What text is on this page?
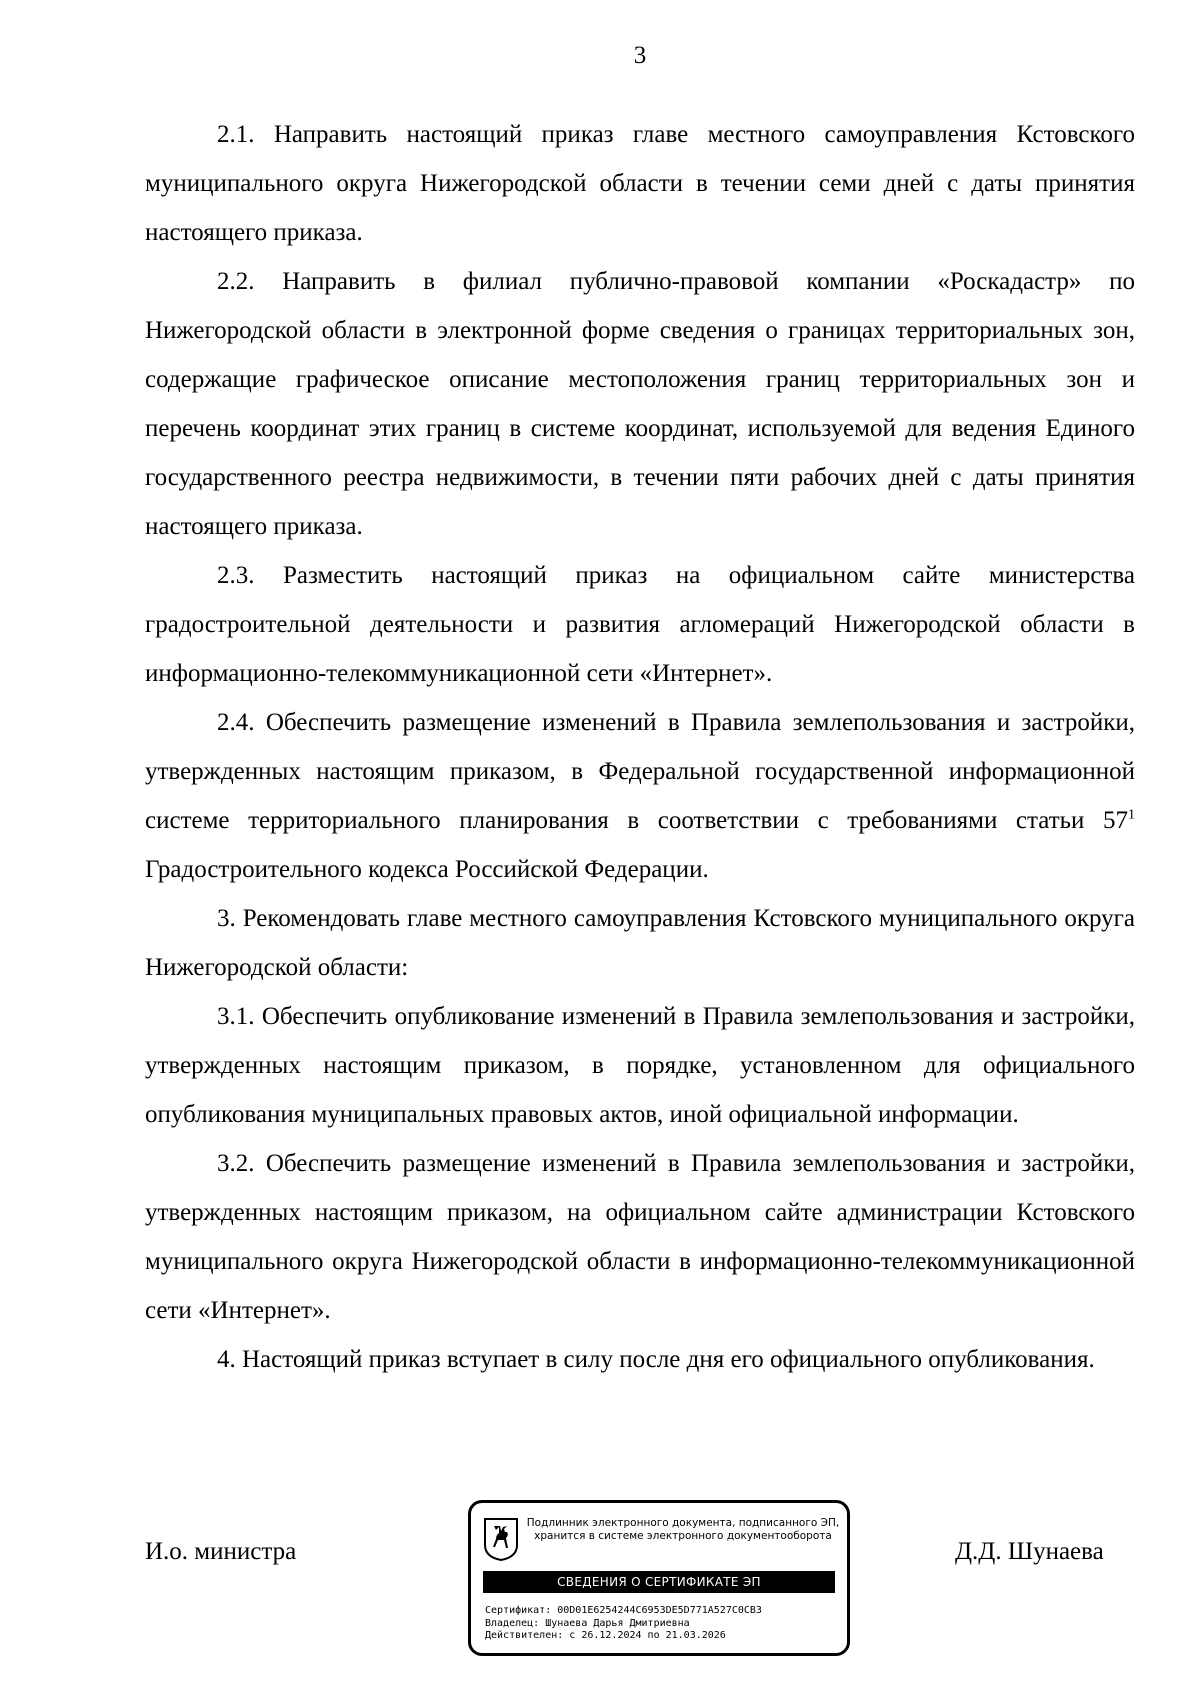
3

2.1. Направить настоящий приказ главе местного самоуправления Кстовского муниципального округа Нижегородской области в течении семи дней с даты принятия настоящего приказа.

2.2. Направить в филиал публично-правовой компании «Роскадастр» по Нижегородской области в электронной форме сведения о границах территориальных зон, содержащие графическое описание местоположения границ территориальных зон и перечень координат этих границ в системе координат, используемой для ведения Единого государственного реестра недвижимости, в течении пяти рабочих дней с даты принятия настоящего приказа.

2.3. Разместить настоящий приказ на официальном сайте министерства градостроительной деятельности и развития агломераций Нижегородской области в информационно-телекоммуникационной сети «Интернет».

2.4. Обеспечить размещение изменений в Правила землепользования и застройки, утвержденных настоящим приказом, в Федеральной государственной информационной системе территориального планирования в соответствии с требованиями статьи $57^1$ Градостроительного кодекса Российской Федерации.

3. Рекомендовать главе местного самоуправления Кстовского муниципального округа Нижегородской области:

3.1. Обеспечить опубликование изменений в Правила землепользования и застройки, утвержденных настоящим приказом, в порядке, установленном для официального опубликования муниципальных правовых актов, иной официальной информации.

3.2. Обеспечить размещение изменений в Правила землепользования и застройки, утвержденных настоящим приказом, на официальном сайте администрации Кстовского муниципального округа Нижегородской области в информационно-телекоммуникационной сети «Интернет».

4. Настоящий приказ вступает в силу после дня его официального опубликования.

И.о. министра
Подлинник электронного документа, подписанного ЭП,
хранится в системе электронного документооборота
СВЕДЕНИЯ О СЕРТИФИКАТЕ ЭП
Сертификат: 00D01E6254244C6953DE5D771A527C0CB3
Владелец: Шунаева Дарья Дмитриевна
Действителен: с 26.12.2024 по 21.03.2026
Д.Д. Шунаева
